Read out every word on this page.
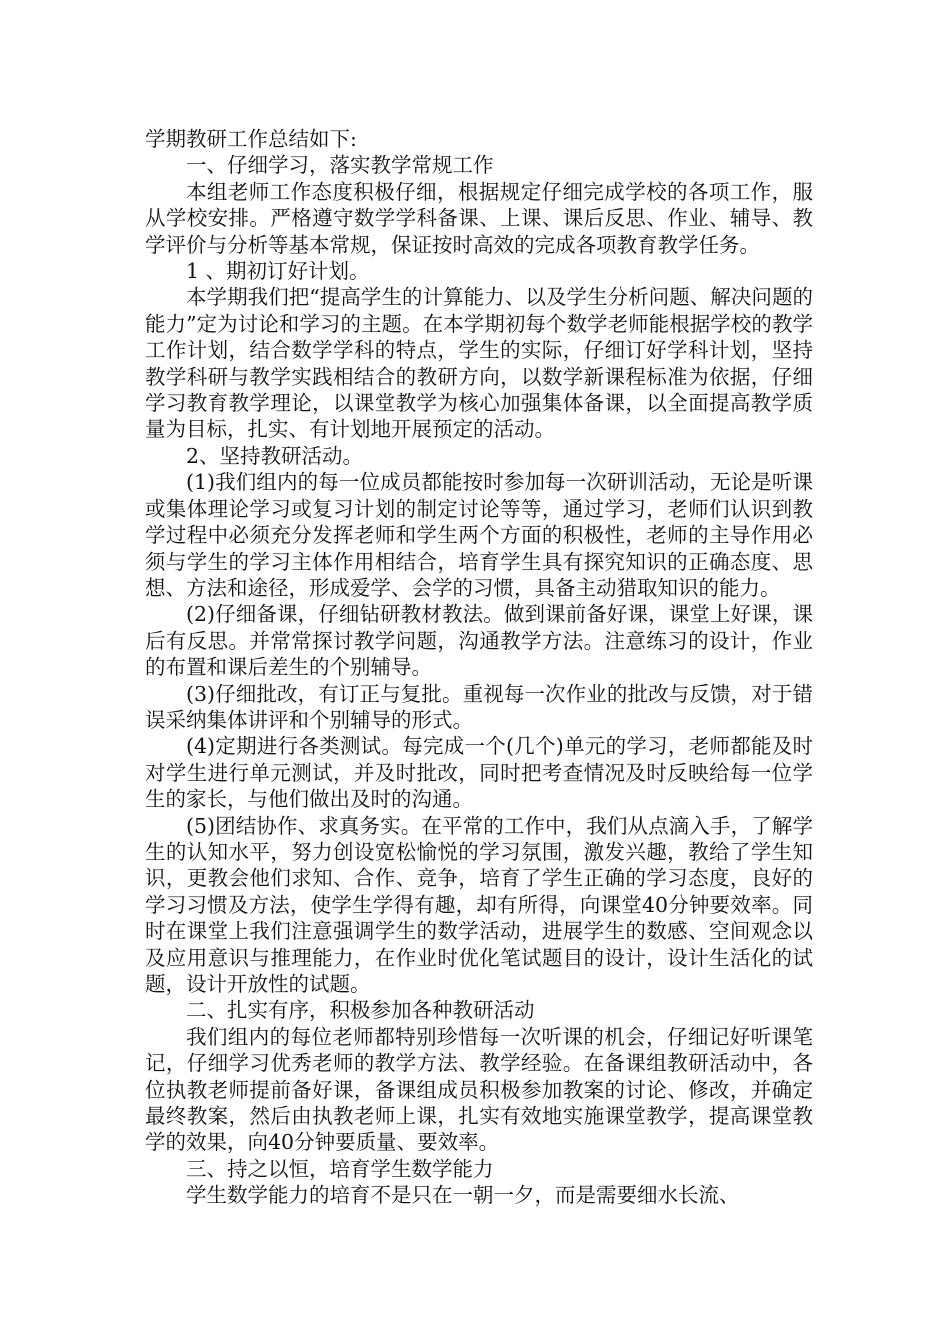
学期教研工作总结如下:

一、仔细学习，落实教学常规工作

本组老师工作态度积极仔细，根据规定仔细完成学校的各项工作，服从学校安排。严格遵守数学学科备课、上课、课后反思、作业、辅导、教学评价与分析等基本常规，保证按时高效的完成各项教育教学任务。

1 、期初订好计划。

本学期我们把“提高学生的计算能力、以及学生分析问题、解决问题的能力”定为讨论和学习的主题。在本学期初每个数学老师能根据学校的教学工作计划，结合数学学科的特点，学生的实际，仔细订好学科计划，坚持教学科研与教学实践相结合的教研方向，以数学新课程标准为依据，仔细学习教育教学理论，以课堂教学为核心加强集体备课，以全面提高教学质量为目标，扎实、有计划地开展预定的活动。

2、坚持教研活动。

(1)我们组内的每一位成员都能按时参加每一次研训活动，无论是听课或集体理论学习或复习计划的制定讨论等等，通过学习，老师们认识到教学过程中必须充分发挥老师和学生两个方面的积极性，老师的主导作用必须与学生的学习主体作用相结合，培育学生具有探究知识的正确态度、思想、方法和途径，形成爱学、会学的习惯，具备主动猎取知识的能力。

(2)仔细备课，仔细钻研教材教法。做到课前备好课，课堂上好课，课后有反思。并常常探讨教学问题，沟通教学方法。注意练习的设计，作业的布置和课后差生的个别辅导。

(3)仔细批改，有订正与复批。重视每一次作业的批改与反馈，对于错误采纳集体讲评和个别辅导的形式。

(4)定期进行各类测试。每完成一个(几个)单元的学习，老师都能及时对学生进行单元测试，并及时批改，同时把考查情况及时反映给每一位学生的家长，与他们做出及时的沟通。

(5)团结协作、求真务实。在平常的工作中，我们从点滴入手，了解学生的认知水平，努力创设宽松愉悦的学习氛围，激发兴趣，教给了学生知识，更教会他们求知、合作、竞争，培育了学生正确的学习态度，良好的学习习惯及方法，使学生学得有趣，却有所得，向课堂40分钟要效率。同时在课堂上我们注意强调学生的数学活动，进展学生的数感、空间观念以及应用意识与推理能力，在作业时优化笔试题目的设计，设计生活化的试题，设计开放性的试题。

二、扎实有序，积极参加各种教研活动

我们组内的每位老师都特别珍惜每一次听课的机会，仔细记好听课笔记，仔细学习优秀老师的教学方法、教学经验。在备课组教研活动中，各位执教老师提前备好课，备课组成员积极参加教案的讨论、修改，并确定最终教案，然后由执教老师上课，扎实有效地实施课堂教学，提高课堂教学的效果，向40分钟要质量、要效率。

三、持之以恒，培育学生数学能力

学生数学能力的培育不是只在一朝一夕，而是需要细水长流、
